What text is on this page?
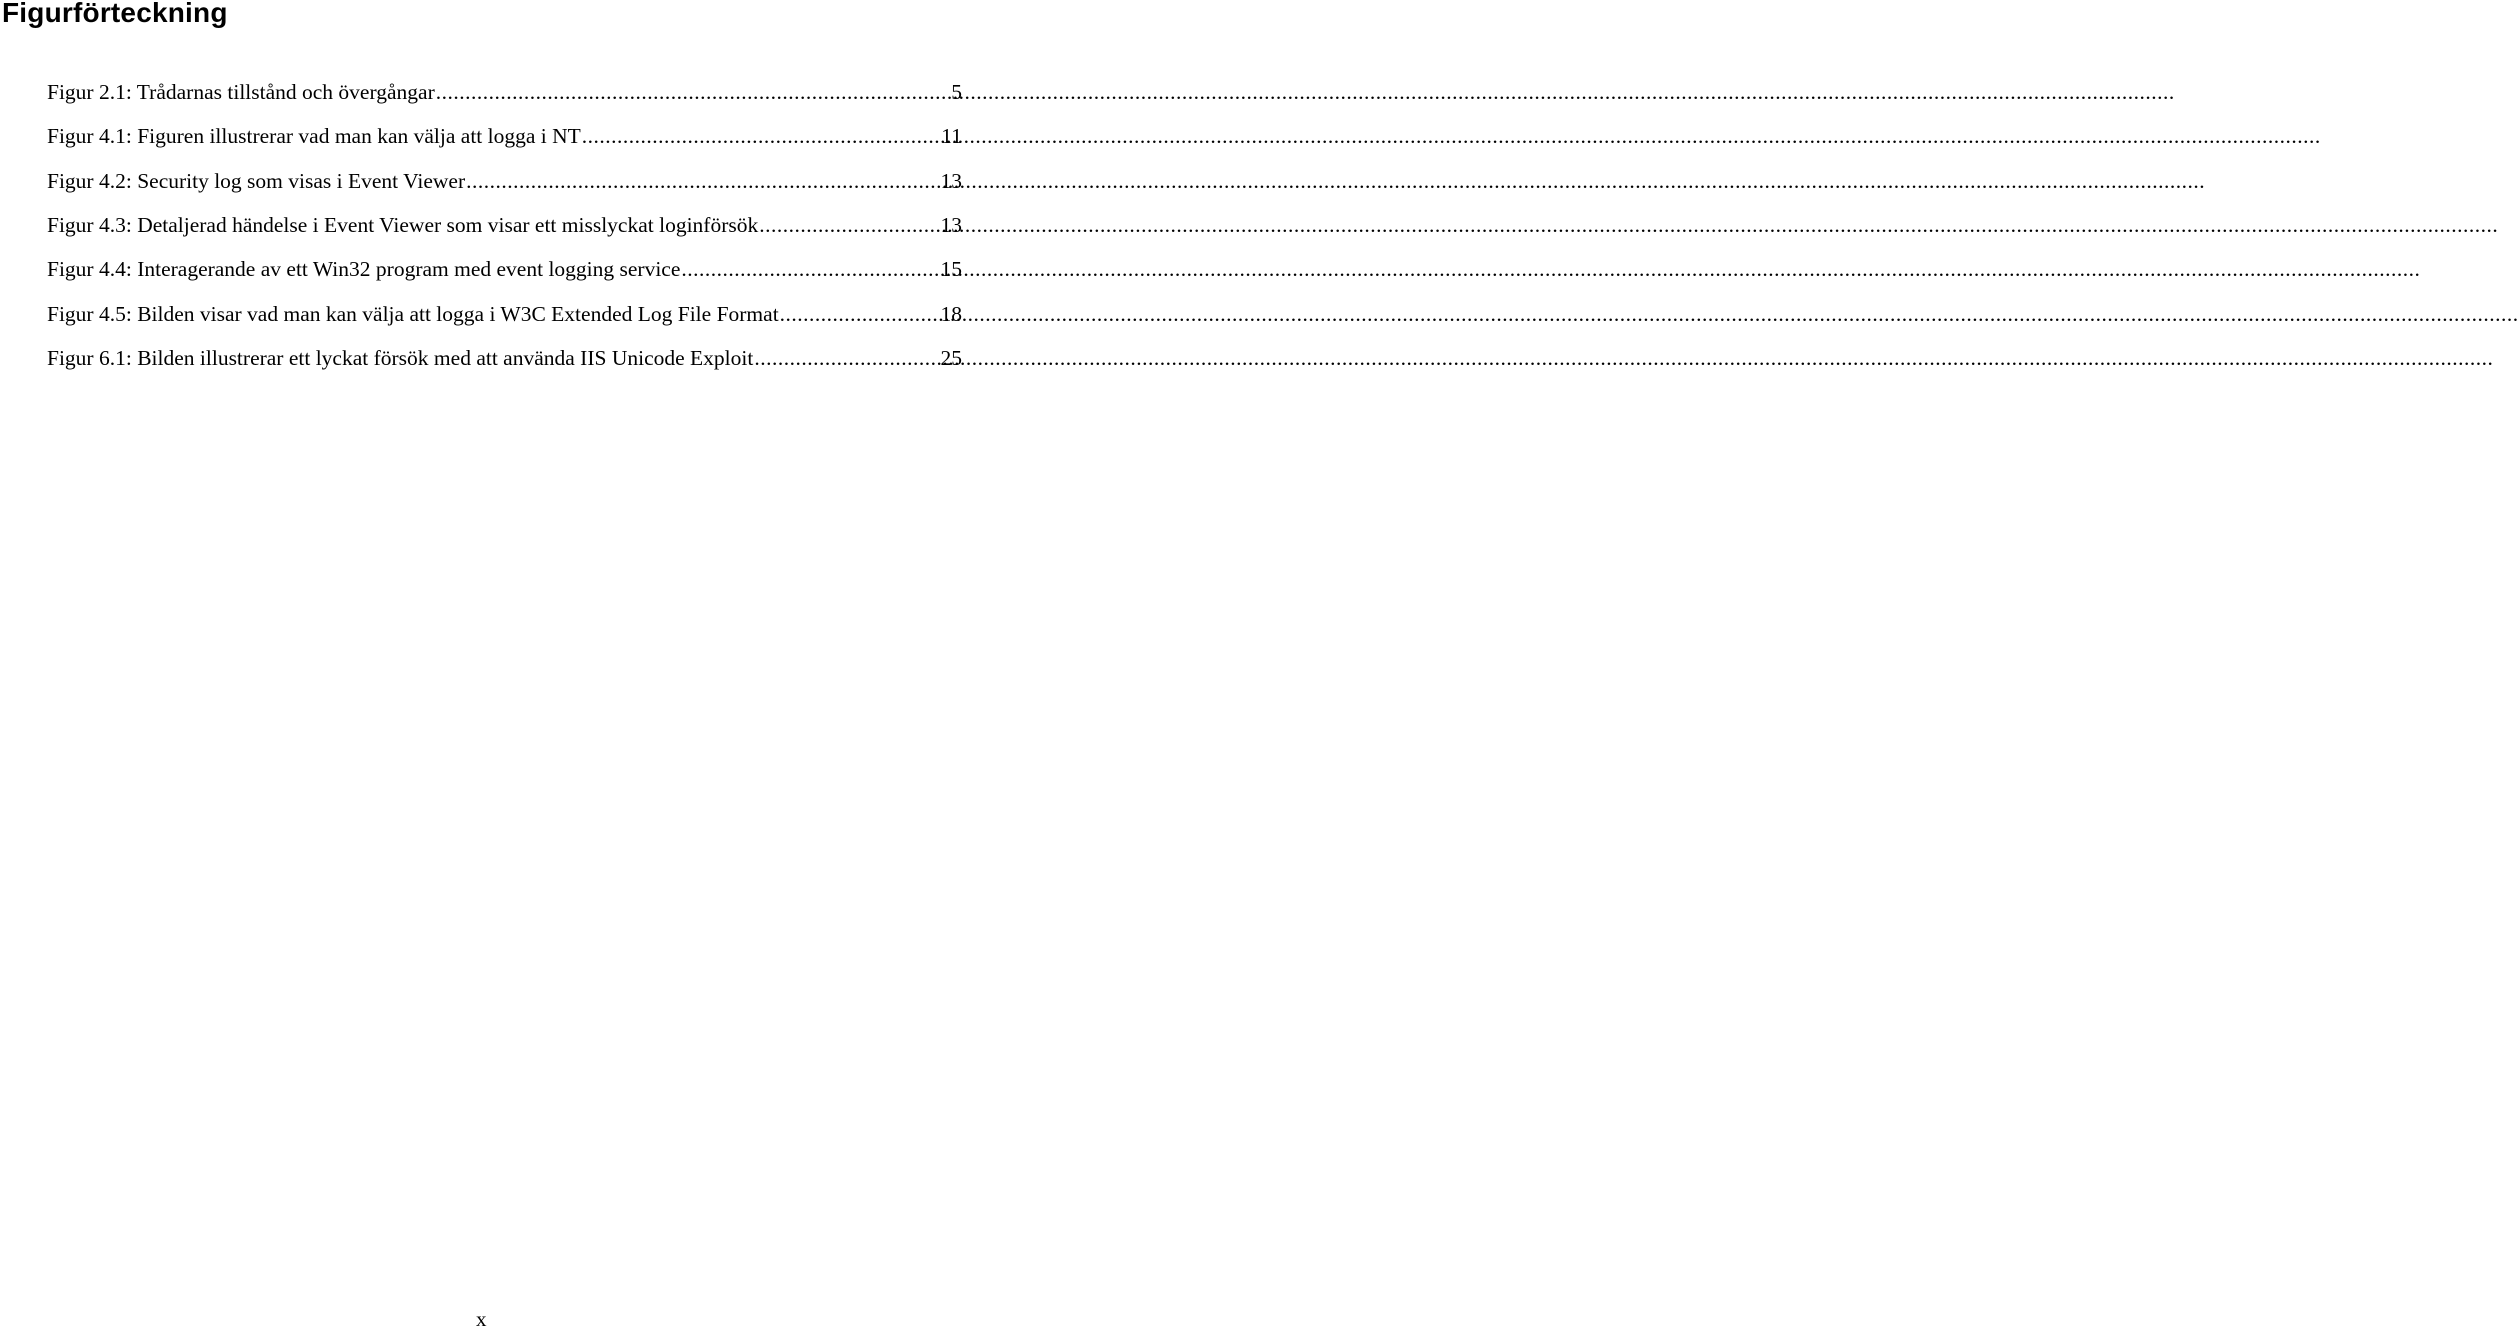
Figurförteckning
Figur 2.1: Trådarnas tillstånd och övergångar .....	5
Figur 4.1: Figuren illustrerar vad man kan välja att logga i NT .....	11
Figur 4.2: Security log som visas i Event Viewer .....	13
Figur 4.3: Detaljerad händelse i Event Viewer som visar ett misslyckat loginförsök .....	13
Figur 4.4: Interagerande av ett Win32 program med event logging service .....	15
Figur 4.5: Bilden visar vad man kan välja att logga i W3C Extended Log File Format .....	18
Figur 6.1: Bilden illustrerar ett lyckat försök med att använda IIS Unicode Exploit .....	25
x
